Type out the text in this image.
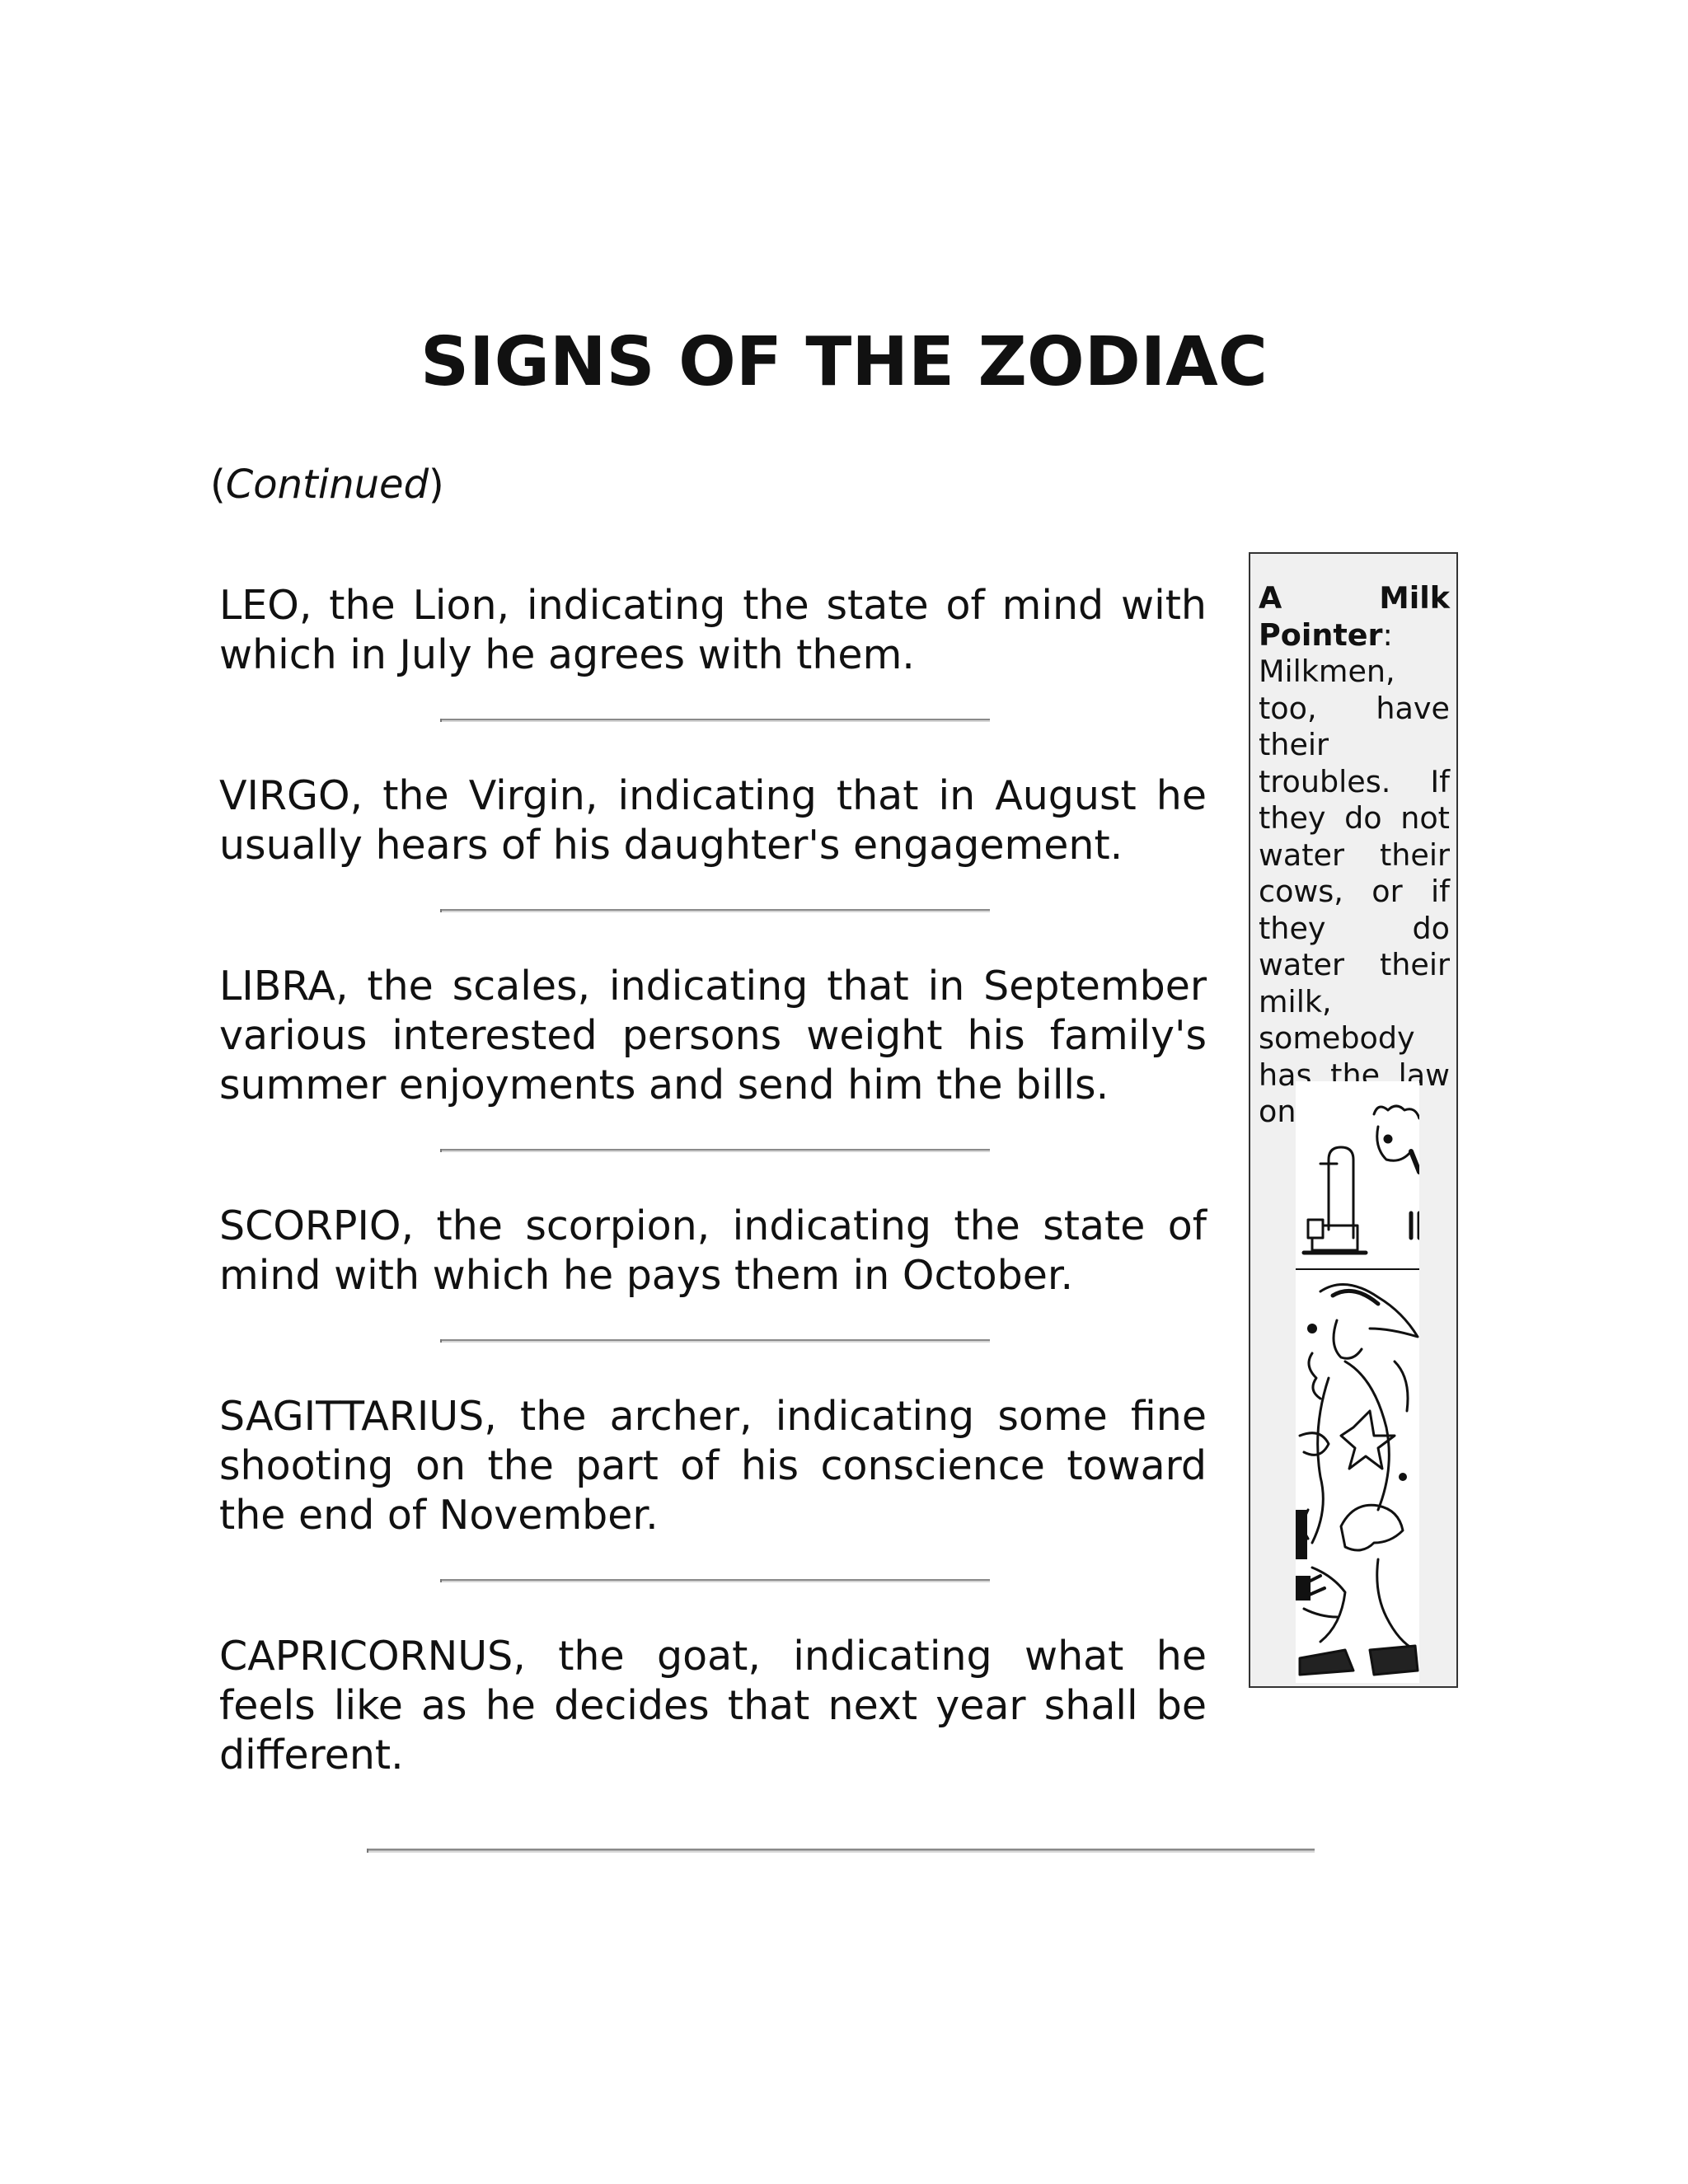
SIGNS OF THE ZODIAC
(Continued)

LEO, the Lion, indicating the state of mind with which in July he agrees with them.

VIRGO, the Virgin, indicating that in August he usually hears of his daughter's engagement.

LIBRA, the scales, indicating that in September various interested persons weight his family's summer enjoyments and send him the bills.

SCORPIO, the scorpion, indicating the state of mind with which he pays them in October.

SAGITTARIUS, the archer, indicating some fine shooting on the part of his conscience toward the end of November.

CAPRICORNUS, the goat, indicating what he feels like as he decides that next year shall be different.

A Milk Pointer: Milkmen, too, have their troubles. If they do not water their cows, or if they do water their milk, somebody has the law on them.
